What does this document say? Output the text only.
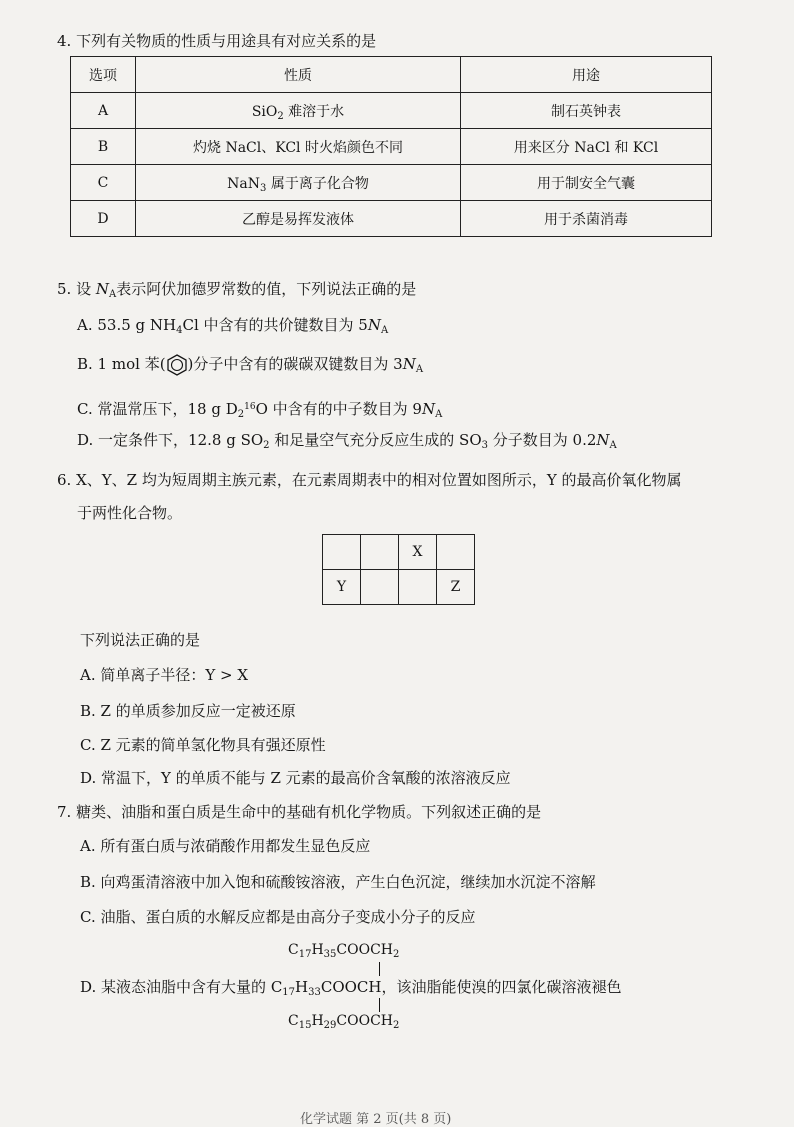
4. 下列有关物质的性质与用途具有对应关系的是
选项	性质	用途
A	SiO$_2$ 难溶于水	制石英钟表
B	灼烧 NaCl、KCl 时火焰颜色不同	用来区分 NaCl 和 KCl
C	NaN$_3$ 属于离子化合物	用于制安全气囊
D	乙醇是易挥发液体	用于杀菌消毒
5. 设 $N_A$表示阿伏加德罗常数的值，下列说法正确的是
A. 53.5 g $NH_4Cl$ 中含有的共价键数目为 $5N_A$
B. 1 mol 苯( )分子中含有的碳碳双键数目为 $3N_A$
C. 常温常压下，18 g $D_2^{16}O$ 中含有的中子数目为 $9N_A$
D. 一定条件下，12.8 g $SO_2$ 和足量空气充分反应生成的 $SO_3$ 分子数目为 $0.2N_A$
6. X、Y、Z 均为短周期主族元素，在元素周期表中的相对位置如图所示，Y 的最高价氧化物属
于两性化合物。
		X	
Y			Z
下列说法正确的是
A. 简单离子半径：Y > X
B. Z 的单质参加反应一定被还原
C. Z 元素的简单氢化物具有强还原性
D. 常温下，Y 的单质不能与 Z 元素的最高价含氧酸的浓溶液反应
7. 糖类、油脂和蛋白质是生命中的基础有机化学物质。下列叙述正确的是
A. 所有蛋白质与浓硝酸作用都发生显色反应
B. 向鸡蛋清溶液中加入饱和硫酸铵溶液，产生白色沉淀，继续加水沉淀不溶解
C. 油脂、蛋白质的水解反应都是由高分子变成小分子的反应
$C_{17}H_{35}COOCH_2$
D. 某液态油脂中含有大量的 $C_{17}H_{33}COOCH$，该油脂能使溴的四氯化碳溶液褪色
$C_{15}H_{29}COOCH_2$
化学试题 第 2 页(共 8 页)
